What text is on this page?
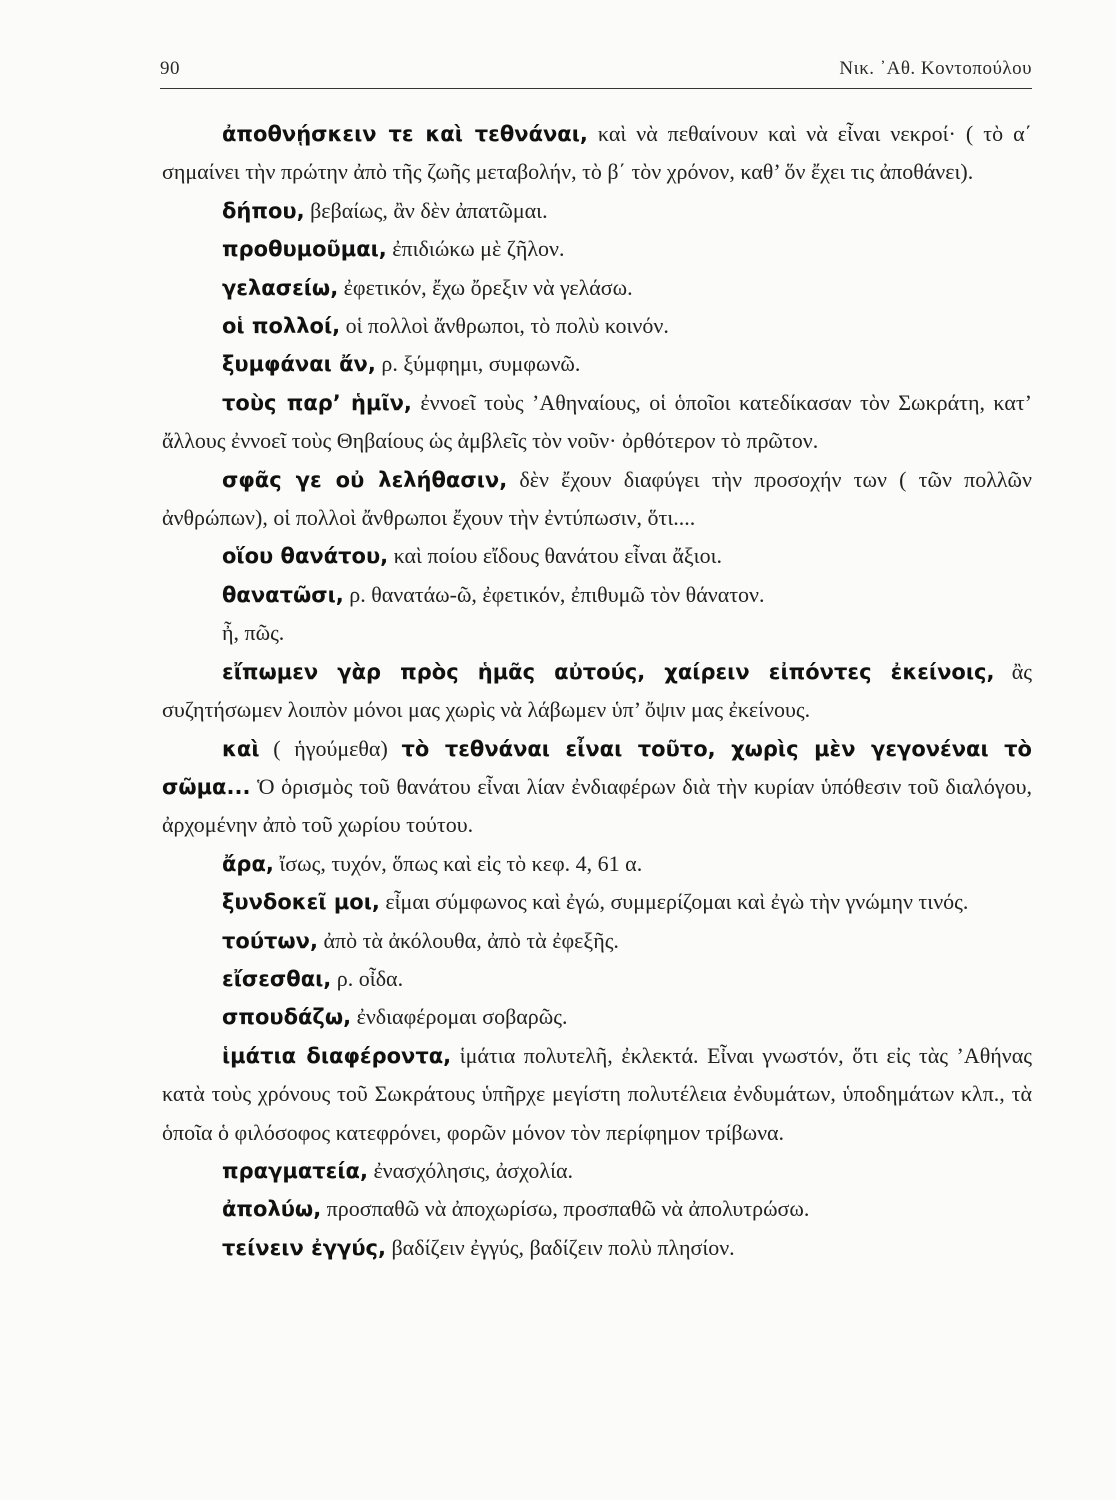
90	Νικ. ᾽Αθ. Κοντοπούλου

ἀποθνῄσκειν τε καὶ τεθνάναι, καὶ νὰ πεθαίνουν καὶ νὰ εἶναι νεκροί· ( τὸ α΄ σημαίνει τὴν πρώτην ἀπὸ τῆς ζωῆς μεταβολήν, τὸ β΄ τὸν χρόνον, καθ’ ὅν ἔχει τις ἀποθάνει).

δήπου, βεβαίως, ἂν δὲν ἀπατῶμαι.

προθυμοῦμαι, ἐπιδιώκω μὲ ζῆλον.

γελασείω, ἐφετικόν, ἔχω ὄρεξιν νὰ γελάσω.

οἱ πολλοί, οἱ πολλοὶ ἄνθρωποι, τὸ πολὺ κοινόν.

ξυμφάναι ἄν, ρ. ξύμφημι, συμφωνῶ.

τοὺς παρ’ ἡμῖν, ἐννοεῖ τοὺς ’Αθηναίους, οἱ ὁποῖοι κατεδίκασαν τὸν Σωκράτη, κατ’ ἄλλους ἐννοεῖ τοὺς Θηβαίους ὡς ἀμβλεῖς τὸν νοῦν· ὀρθότερον τὸ πρῶτον.

σφᾶς γε οὐ λελήθασιν, δὲν ἔχουν διαφύγει τὴν προσοχήν των ( τῶν πολλῶν ἀνθρώπων), οἱ πολλοὶ ἄνθρωποι ἔχουν τὴν ἐντύπωσιν, ὅτι....

οἵου θανάτου, καὶ ποίου εἴδους θανάτου εἶναι ἄξιοι.

θανατῶσι, ρ. θανατάω-ῶ, ἐφετικόν, ἐπιθυμῶ τὸν θάνατον.

ἦ, πῶς.

εἴπωμεν γὰρ πρὸς ἡμᾶς αὐτούς, χαίρειν εἰπόντες ἐκείνοις, ἂς συζητήσωμεν λοιπὸν μόνοι μας χωρὶς νὰ λάβωμεν ὑπ’ ὄψιν μας ἐκείνους.

καὶ ( ἡγούμεθα) τὸ τεθνάναι εἶναι τοῦτο, χωρὶς μὲν γεγονέναι τὸ σῶμα... Ὁ ὁρισμὸς τοῦ θανάτου εἶναι λίαν ἐνδιαφέρων διὰ τὴν κυρίαν ὑπόθεσιν τοῦ διαλόγου, ἀρχομένην ἀπὸ τοῦ χωρίου τούτου.

ἄρα, ἴσως, τυχόν, ὅπως καὶ εἰς τὸ κεφ. 4, 61 α.

ξυνδοκεῖ μοι, εἶμαι σύμφωνος καὶ ἐγώ, συμμερίζομαι καὶ ἐγὼ τὴν γνώμην τινός.

τούτων, ἀπὸ τὰ ἀκόλουθα, ἀπὸ τὰ ἐφεξῆς.

εἴσεσθαι, ρ. οἶδα.

σπουδάζω, ἐνδιαφέρομαι σοβαρῶς.

ἱμάτια διαφέροντα, ἱμάτια πολυτελῆ, ἐκλεκτά. Εἶναι γνωστόν, ὅτι εἰς τὰς ’Αθήνας κατὰ τοὺς χρόνους τοῦ Σωκράτους ὑπῆρχε μεγίστη πολυτέλεια ἐνδυμάτων, ὑποδημάτων κλπ., τὰ ὁποῖα ὁ φιλόσοφος κατεφρόνει, φορῶν μόνον τὸν περίφημον τρίβωνα.

πραγματεία, ἐνασχόλησις, ἀσχολία.

ἀπολύω, προσπαθῶ νὰ ἀποχωρίσω, προσπαθῶ νὰ ἀπολυτρώσω.

τείνειν ἐγγύς, βαδίζειν ἐγγύς, βαδίζειν πολὺ πλησίον.
